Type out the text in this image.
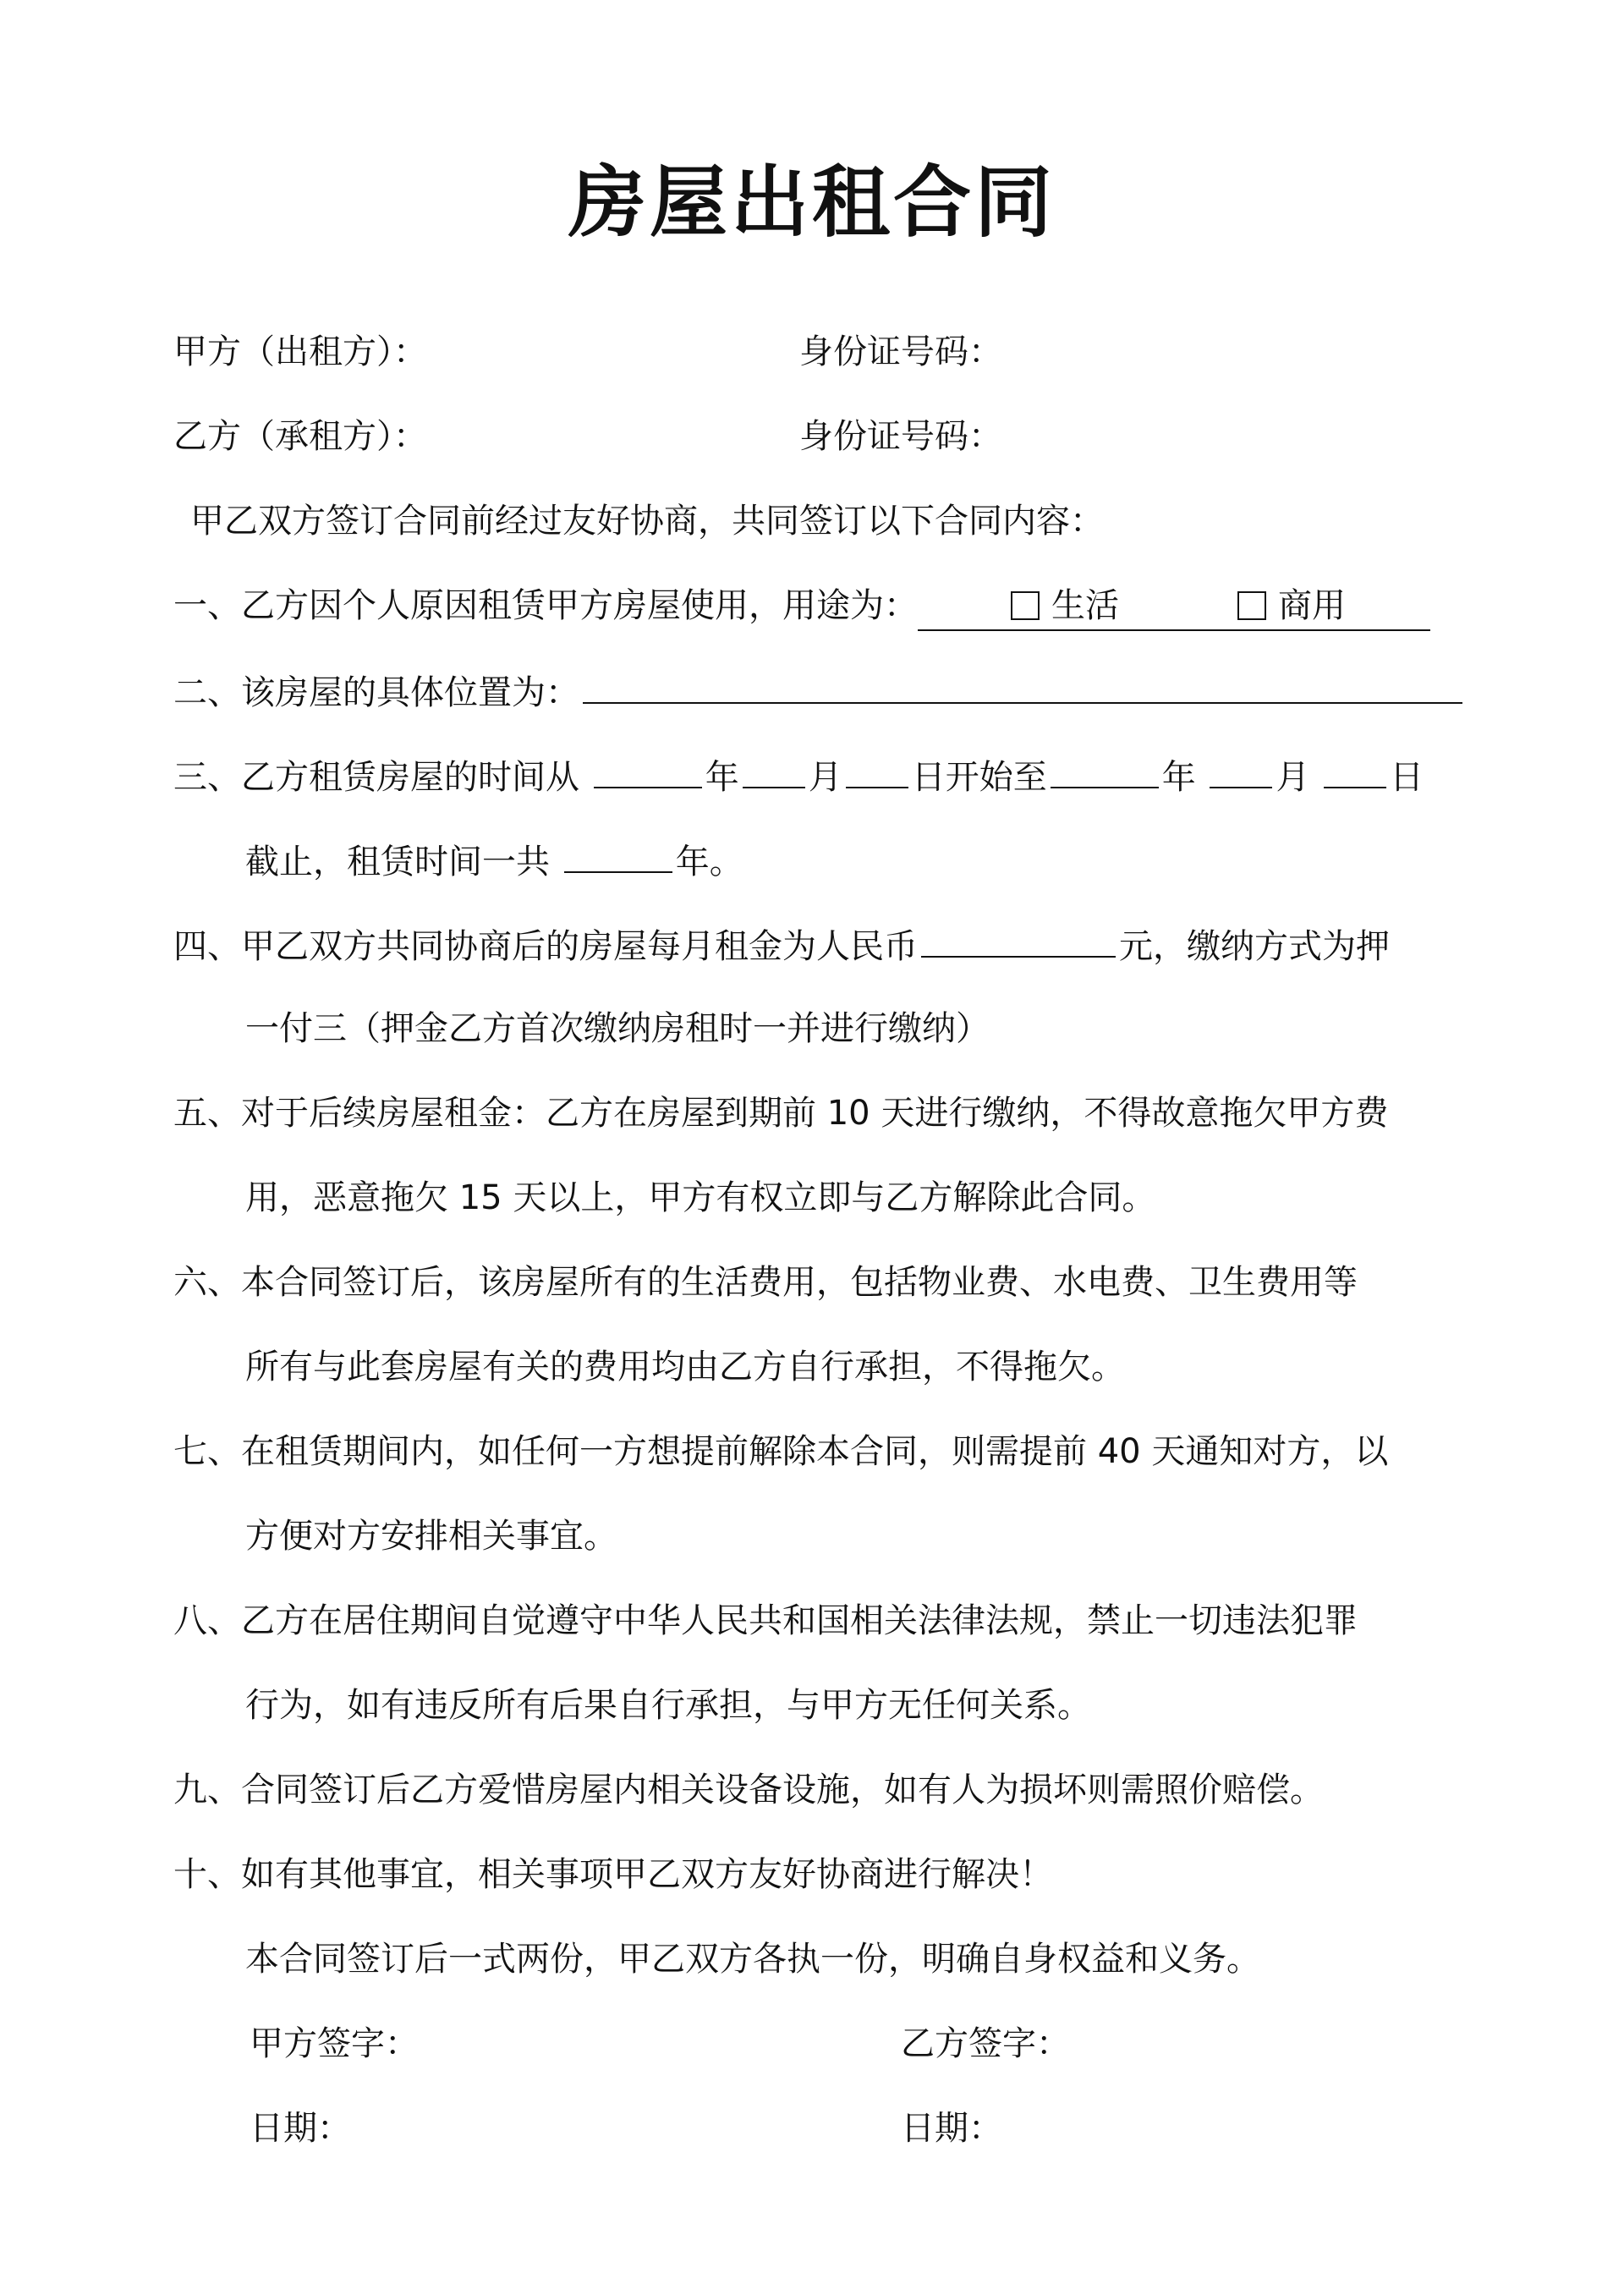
房屋出租合同
甲方（出租方）：	身份证号码：
乙方（承租方）：	身份证号码：
甲乙双方签订合同前经过友好协商，共同签订以下合同内容：
一、乙方因个人原因租赁甲方房屋使用，用途为：	生活	商用
二、该房屋的具体位置为：
三、乙方租赁房屋的时间从	年 月 日开始至	年 月 日
截止，租赁时间一共	年。
四、甲乙双方共同协商后的房屋每月租金为人民币	元，缴纳方式为押
一付三（押金乙方首次缴纳房租时一并进行缴纳）
五、对于后续房屋租金：乙方在房屋到期前 10 天进行缴纳，不得故意拖欠甲方费
用，恶意拖欠 15 天以上，甲方有权立即与乙方解除此合同。
六、本合同签订后，该房屋所有的生活费用，包括物业费、水电费、卫生费用等
所有与此套房屋有关的费用均由乙方自行承担，不得拖欠。
七、在租赁期间内，如任何一方想提前解除本合同，则需提前 40 天通知对方，以
方便对方安排相关事宜。
八、乙方在居住期间自觉遵守中华人民共和国相关法律法规，禁止一切违法犯罪
行为，如有违反所有后果自行承担，与甲方无任何关系。
九、合同签订后乙方爱惜房屋内相关设备设施，如有人为损坏则需照价赔偿。
十、如有其他事宜，相关事项甲乙双方友好协商进行解决！
本合同签订后一式两份，甲乙双方各执一份，明确自身权益和义务。
甲方签字：	乙方签字：
日期：	日期：
